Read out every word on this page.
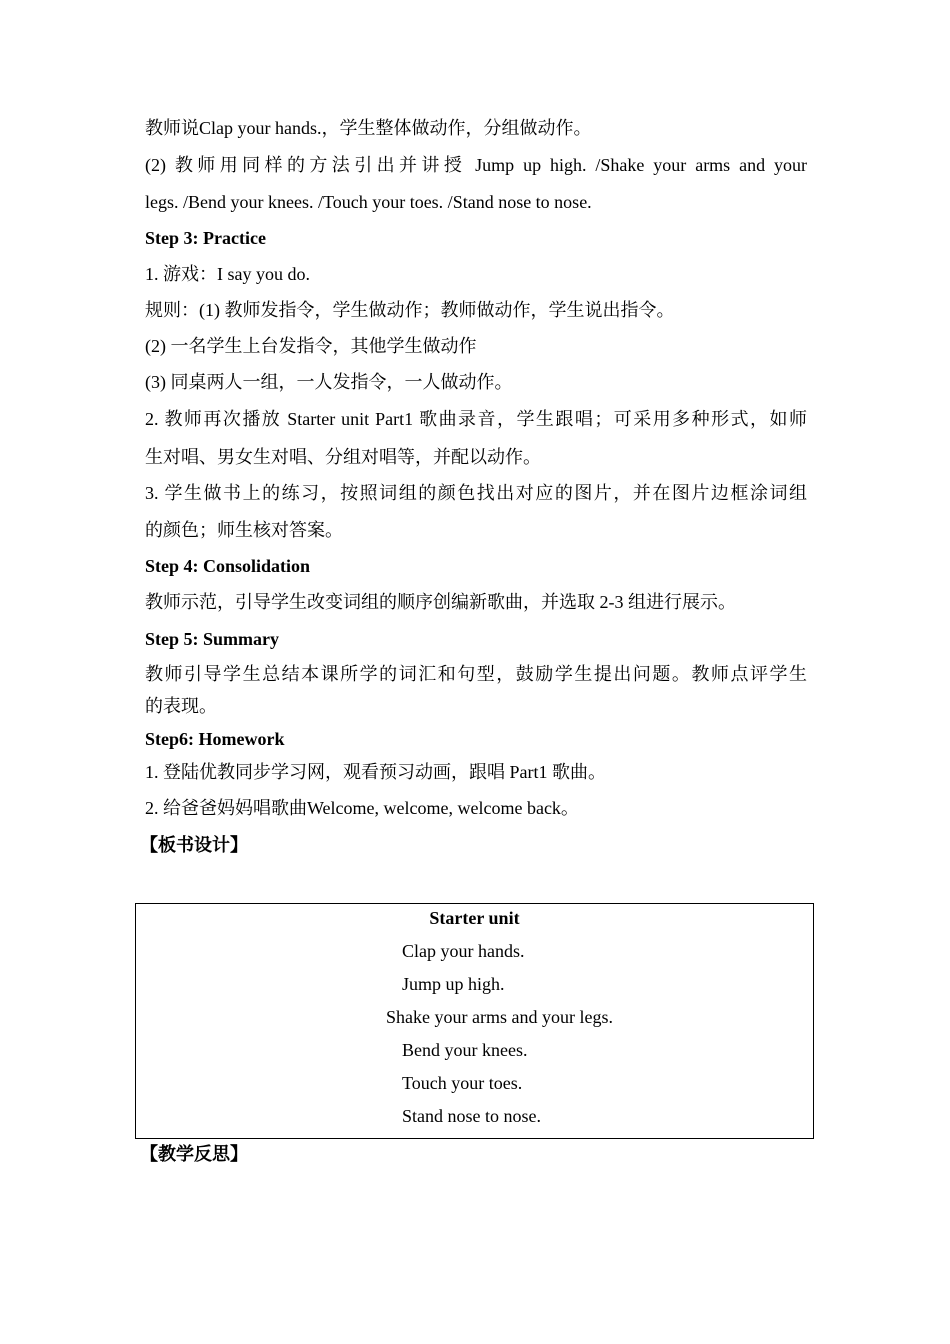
教师说Clap your hands.，学生整体做动作，分组做动作。
(2) 教师用同样的方法引出并讲授 Jump up high. /Shake your arms and your
legs. /Bend your knees. /Touch your toes. /Stand nose to nose.
Step 3: Practice
1. 游戏：I say you do.
规则：(1) 教师发指令，学生做动作；教师做动作，学生说出指令。
(2) 一名学生上台发指令，其他学生做动作
(3) 同桌两人一组，一人发指令，一人做动作。
2. 教师再次播放 Starter unit Part1 歌曲录音，学生跟唱；可采用多种形式，如师
生对唱、男女生对唱、分组对唱等，并配以动作。
3. 学生做书上的练习，按照词组的颜色找出对应的图片，并在图片边框涂词组
的颜色；师生核对答案。
Step 4: Consolidation
教师示范，引导学生改变词组的顺序创编新歌曲，并选取 2-3 组进行展示。
Step 5: Summary
教师引导学生总结本课所学的词汇和句型，鼓励学生提出问题。教师点评学生
的表现。
Step6: Homework
1. 登陆优教同步学习网，观看预习动画，跟唱 Part1 歌曲。
2. 给爸爸妈妈唱歌曲Welcome, welcome, welcome back。
【板书设计】
Starter unit
Clap your hands.
Jump up high.
Shake your arms and your legs.
Bend your knees.
Touch your toes.
Stand nose to nose.
【教学反思】
